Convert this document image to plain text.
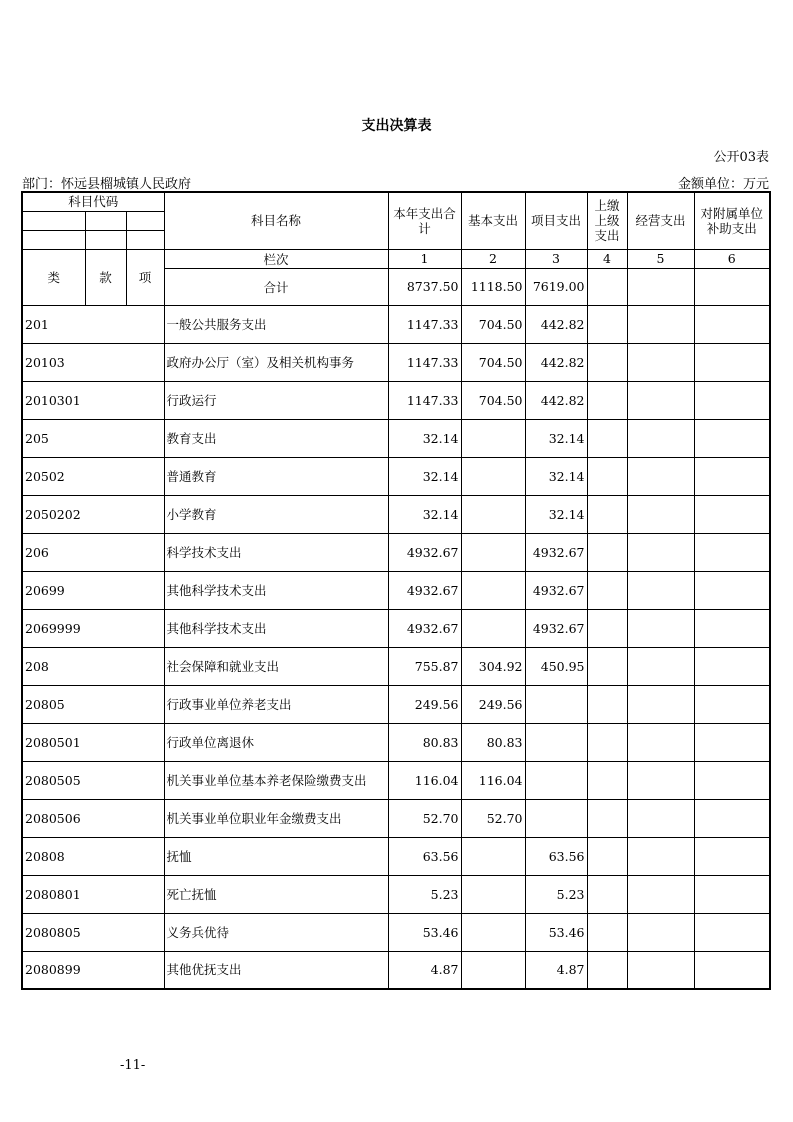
支出决算表
公开03表
部门：怀远县榴城镇人民政府	金额单位：万元
科目代码			科目名称	本年支出合计	基本支出	项目支出	上缴上级支出	经营支出	对附属单位补助支出

类	款	项	栏次	1	2	3	4	5	6
			合计	8737.50	1118.50	7619.00			
201			一般公共服务支出	1147.33	704.50	442.82			
20103			政府办公厅（室）及相关机构事务	1147.33	704.50	442.82			
2010301			行政运行	1147.33	704.50	442.82			
205			教育支出	32.14		32.14			
20502			普通教育	32.14		32.14			
2050202			小学教育	32.14		32.14			
206			科学技术支出	4932.67		4932.67			
20699			其他科学技术支出	4932.67		4932.67			
2069999			其他科学技术支出	4932.67		4932.67			
208			社会保障和就业支出	755.87	304.92	450.95			
20805			行政事业单位养老支出	249.56	249.56				
2080501			行政单位离退休	80.83	80.83				
2080505			机关事业单位基本养老保险缴费支出	116.04	116.04				
2080506			机关事业单位职业年金缴费支出	52.70	52.70				
20808			抚恤	63.56		63.56			
2080801			死亡抚恤	5.23		5.23			
2080805			义务兵优待	53.46		53.46			
2080899			其他优抚支出	4.87		4.87			
-11-
